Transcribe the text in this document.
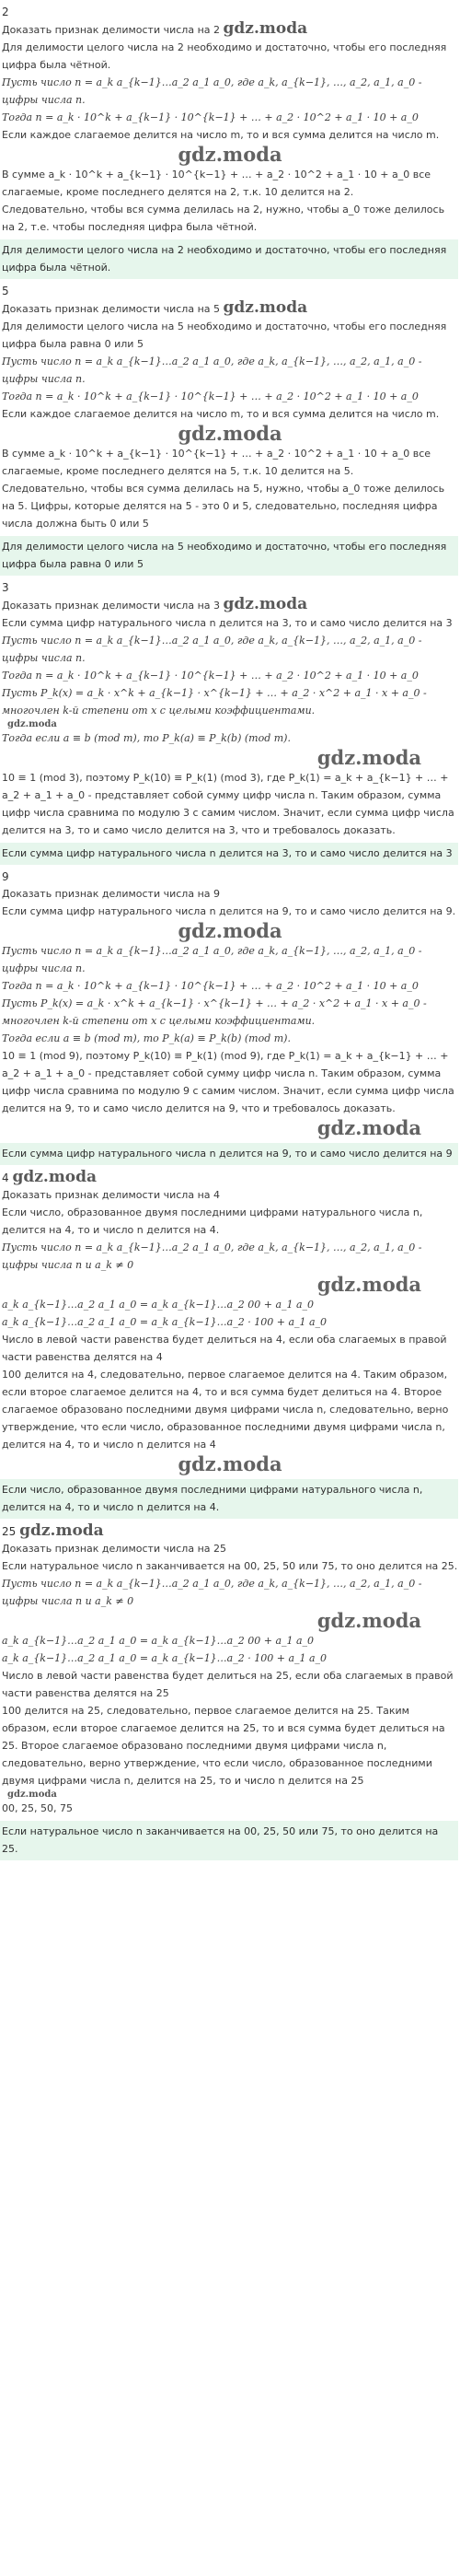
2
Доказать признак делимости числа на 2 gdz.moda
Для делимости целого числа на 2 необходимо и достаточно, чтобы его последняя цифра была чётной.
Пусть число n = a_k a_{k−1}…a_2 a_1 a_0, где a_k, a_{k−1}, …, a_2, a_1, a_0 - цифры числа n.
Тогда n = a_k · 10^k + a_{k−1} · 10^{k−1} + … + a_2 · 10^2 + a_1 · 10 + a_0
Если каждое слагаемое делится на число m, то и вся сумма делится на число m.
gdz.moda
В сумме a_k · 10^k + a_{k−1} · 10^{k−1} + … + a_2 · 10^2 + a_1 · 10 + a_0 все слагаемые, кроме последнего делятся на 2, т.к. 10 делится на 2.
Следовательно, чтобы вся сумма делилась на 2, нужно, чтобы a_0 тоже делилось на 2, т.е. чтобы последняя цифра была чётной.
Для делимости целого числа на 2 необходимо и достаточно, чтобы его последняя цифра была чётной.
5
Доказать признак делимости числа на 5 gdz.moda
Для делимости целого числа на 5 необходимо и достаточно, чтобы его последняя цифра была равна 0 или 5
Пусть число n = a_k a_{k−1}…a_2 a_1 a_0, где a_k, a_{k−1}, …, a_2, a_1, a_0 - цифры числа n.
Тогда n = a_k · 10^k + a_{k−1} · 10^{k−1} + … + a_2 · 10^2 + a_1 · 10 + a_0
Если каждое слагаемое делится на число m, то и вся сумма делится на число m.
gdz.moda
В сумме a_k · 10^k + a_{k−1} · 10^{k−1} + … + a_2 · 10^2 + a_1 · 10 + a_0 все слагаемые, кроме последнего делятся на 5, т.к. 10 делится на 5.
Следовательно, чтобы вся сумма делилась на 5, нужно, чтобы a_0 тоже делилось на 5. Цифры, которые делятся на 5 - это 0 и 5, следовательно, последняя цифра числа должна быть 0 или 5
Для делимости целого числа на 5 необходимо и достаточно, чтобы его последняя цифра была равна 0 или 5
3
Доказать признак делимости числа на 3 gdz.moda
Если сумма цифр натурального числа n делится на 3, то и само число делится на 3
Пусть число n = a_k a_{k−1}…a_2 a_1 a_0, где a_k, a_{k−1}, …, a_2, a_1, a_0 - цифры числа n.
Тогда n = a_k · 10^k + a_{k−1} · 10^{k−1} + … + a_2 · 10^2 + a_1 · 10 + a_0
Пусть P_k(x) = a_k · x^k + a_{k−1} · x^{k−1} + … + a_2 · x^2 + a_1 · x + a_0 - многочлен k-й степени от x с целыми коэффициентами.
gdz.moda
Тогда если a ≡ b (mod m), то P_k(a) ≡ P_k(b) (mod m).
gdz.moda
10 ≡ 1 (mod 3), поэтому P_k(10) ≡ P_k(1) (mod 3), где P_k(1) = a_k + a_{k−1} + … + a_2 + a_1 + a_0 - представляет собой сумму цифр числа n. Таким образом, сумма цифр числа сравнима по модулю 3 с самим числом. Значит, если сумма цифр числа делится на 3, то и само число делится на 3, что и требовалось доказать.
Если сумма цифр натурального числа n делится на 3, то и само число делится на 3
9
Доказать признак делимости числа на 9
Если сумма цифр натурального числа n делится на 9, то и само число делится на 9.
gdz.moda
Пусть число n = a_k a_{k−1}…a_2 a_1 a_0, где a_k, a_{k−1}, …, a_2, a_1, a_0 - цифры числа n.
Тогда n = a_k · 10^k + a_{k−1} · 10^{k−1} + … + a_2 · 10^2 + a_1 · 10 + a_0
Пусть P_k(x) = a_k · x^k + a_{k−1} · x^{k−1} + … + a_2 · x^2 + a_1 · x + a_0 - многочлен k-й степени от x с целыми коэффициентами.
Тогда если a ≡ b (mod m), то P_k(a) ≡ P_k(b) (mod m).
10 ≡ 1 (mod 9), поэтому P_k(10) ≡ P_k(1) (mod 9), где P_k(1) = a_k + a_{k−1} + … + a_2 + a_1 + a_0 - представляет собой сумму цифр числа n. Таким образом, сумма цифр числа сравнима по модулю 9 с самим числом. Значит, если сумма цифр числа делится на 9, то и само число делится на 9, что и требовалось доказать.
gdz.moda
Если сумма цифр натурального числа n делится на 9, то и само число делится на 9
4 gdz.moda
Доказать признак делимости числа на 4
Если число, образованное двумя последними цифрами натурального числа n, делится на 4, то и число n делится на 4.
Пусть число n = a_k a_{k−1}…a_2 a_1 a_0, где a_k, a_{k−1}, …, a_2, a_1, a_0 - цифры числа n и a_k ≠ 0
gdz.moda
a_k a_{k−1}…a_2 a_1 a_0 = a_k a_{k−1}…a_2 00 + a_1 a_0
a_k a_{k−1}…a_2 a_1 a_0 = a_k a_{k−1}…a_2 · 100 + a_1 a_0
Число в левой части равенства будет делиться на 4, если оба слагаемых в правой части равенства делятся на 4
100 делится на 4, следовательно, первое слагаемое делится на 4. Таким образом, если второе слагаемое делится на 4, то и вся сумма будет делиться на 4. Второе слагаемое образовано последними двумя цифрами числа n, следовательно, верно утверждение, что если число, образованное последними двумя цифрами числа n, делится на 4, то и число n делится на 4
gdz.moda
Если число, образованное двумя последними цифрами натурального числа n, делится на 4, то и число n делится на 4.
25 gdz.moda
Доказать признак делимости числа на 25
Если натуральное число n заканчивается на 00, 25, 50 или 75, то оно делится на 25.
Пусть число n = a_k a_{k−1}…a_2 a_1 a_0, где a_k, a_{k−1}, …, a_2, a_1, a_0 - цифры числа n и a_k ≠ 0
gdz.moda
a_k a_{k−1}…a_2 a_1 a_0 = a_k a_{k−1}…a_2 00 + a_1 a_0
a_k a_{k−1}…a_2 a_1 a_0 = a_k a_{k−1}…a_2 · 100 + a_1 a_0
Число в левой части равенства будет делиться на 25, если оба слагаемых в правой части равенства делятся на 25
100 делится на 25, следовательно, первое слагаемое делится на 25. Таким образом, если второе слагаемое делится на 25, то и вся сумма будет делиться на 25. Второе слагаемое образовано последними двумя цифрами числа n, следовательно, верно утверждение, что если число, образованное последними двумя цифрами числа n, делится на 25, то и число n делится на 25
gdz.moda
00, 25, 50, 75
Если натуральное число n заканчивается на 00, 25, 50 или 75, то оно делится на 25.
